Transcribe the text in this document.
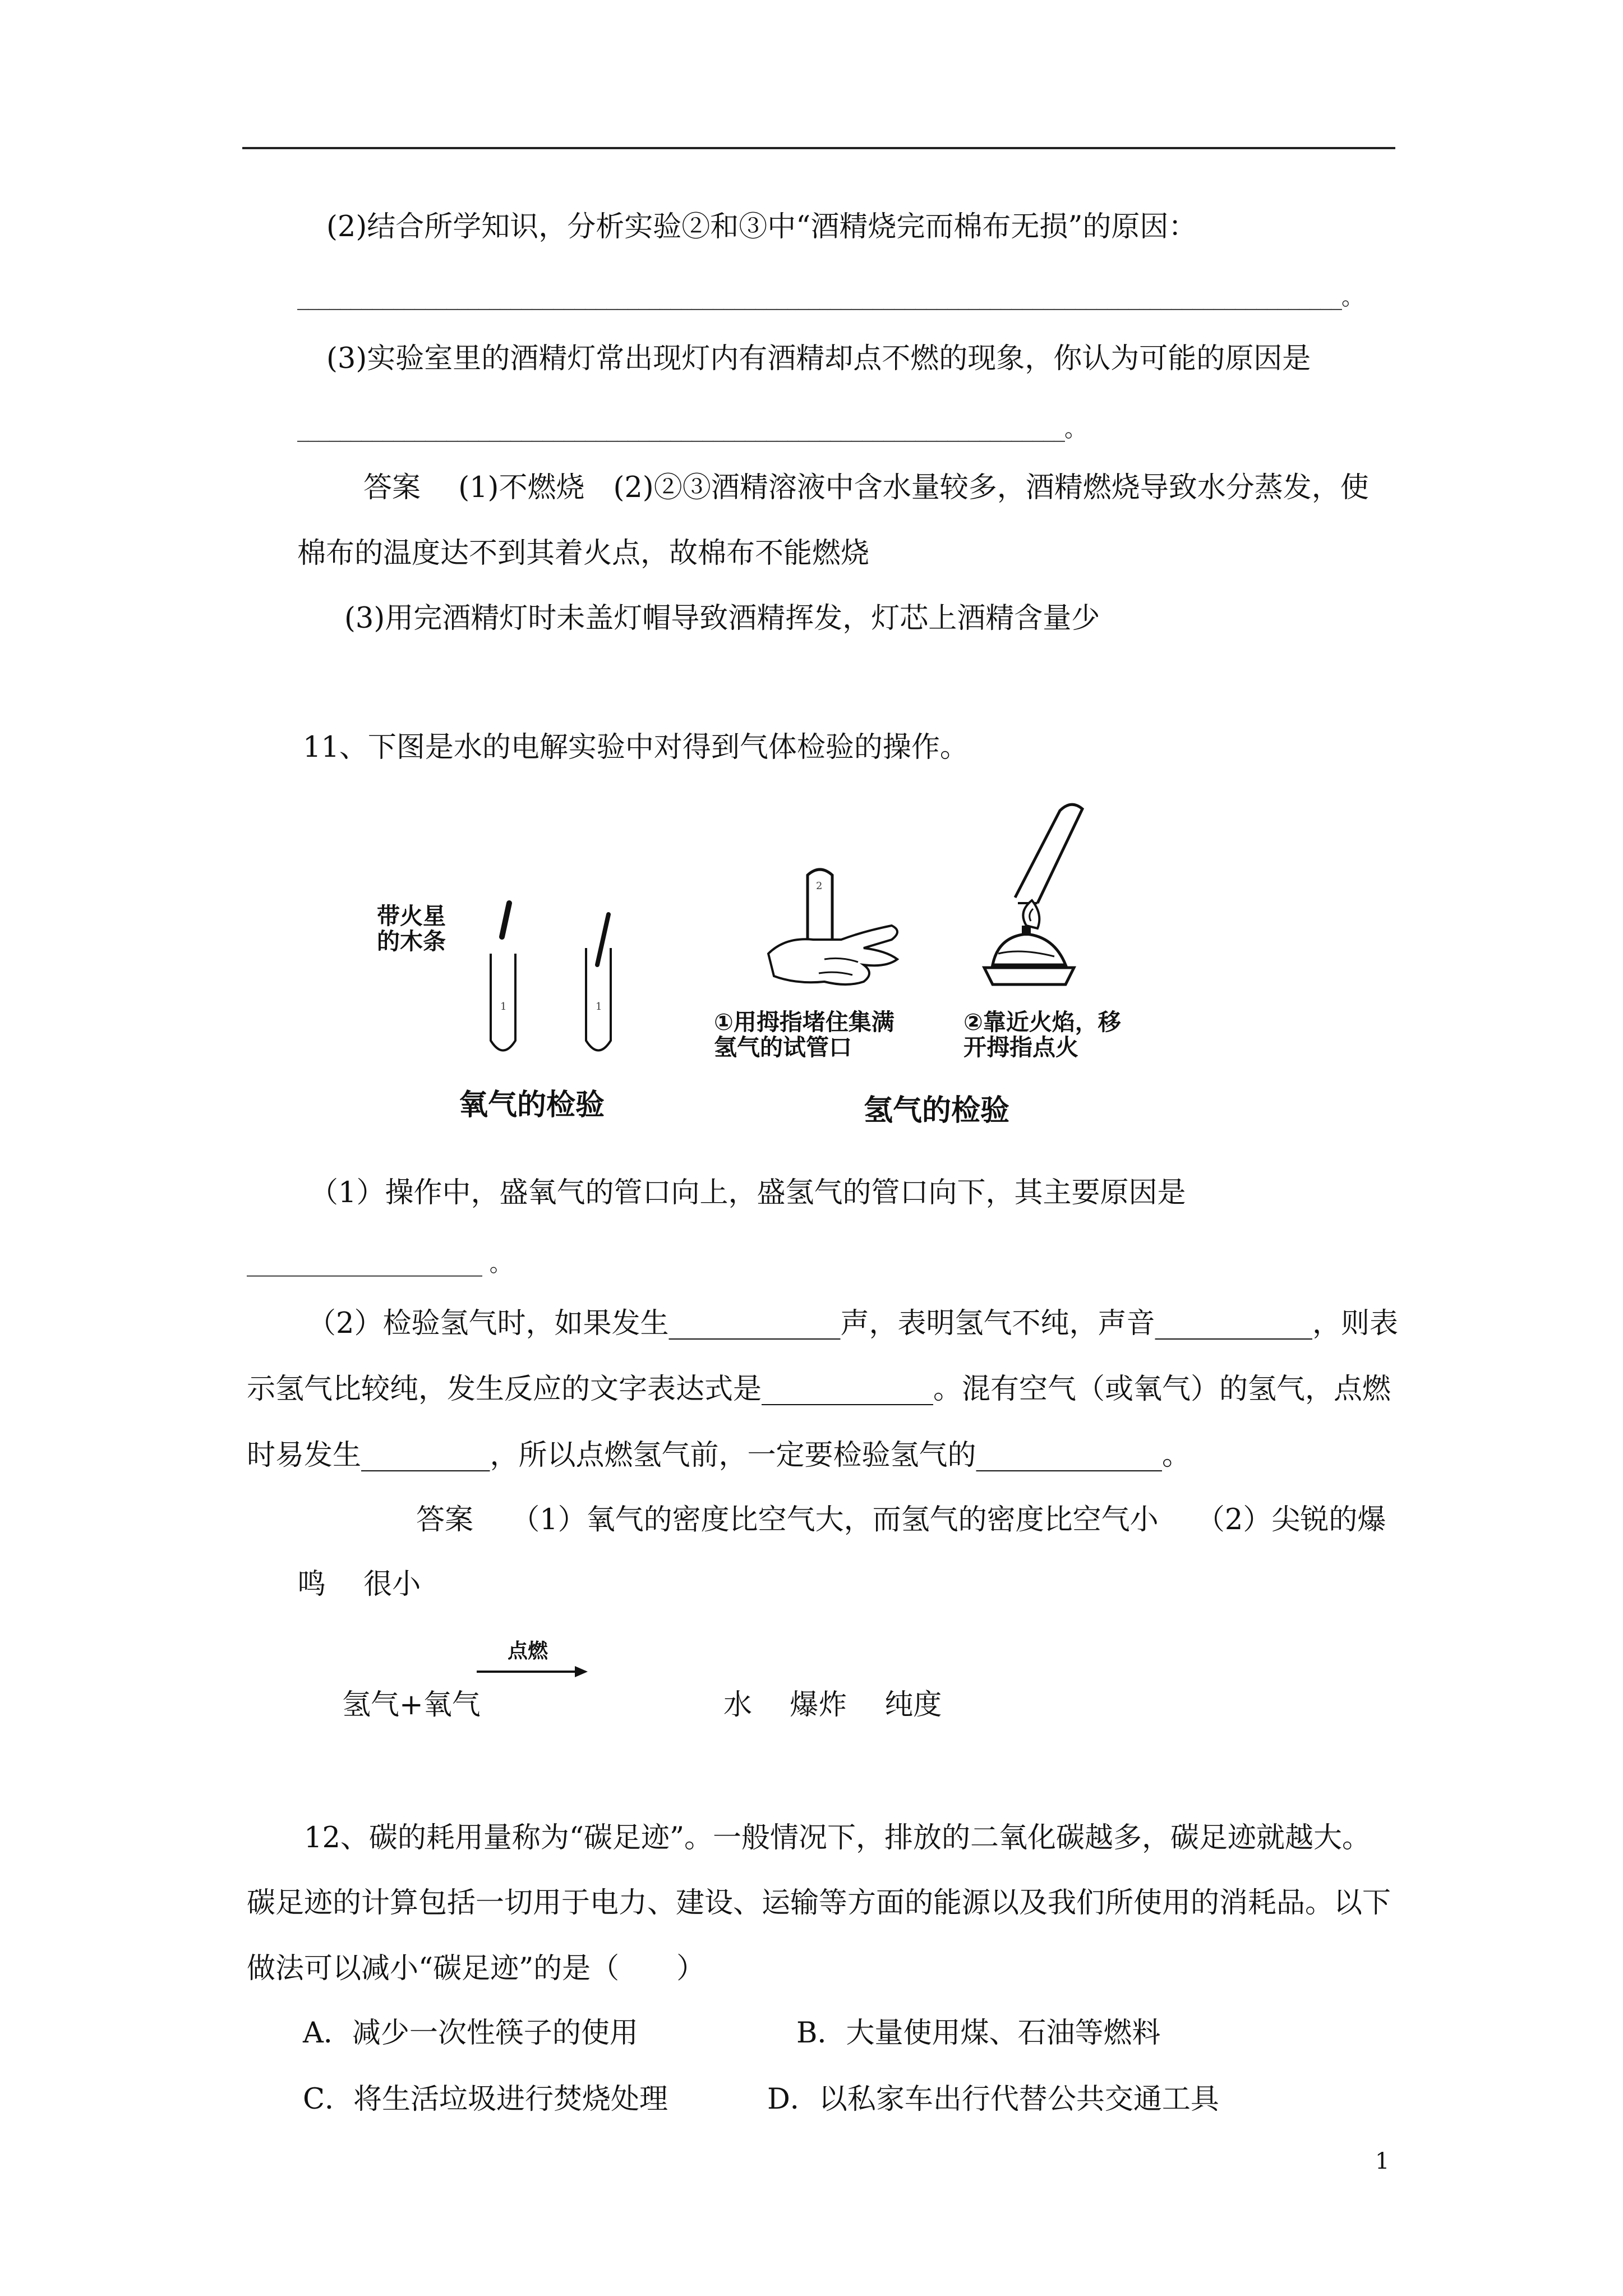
(2)结合所学知识，分析实验②和③中“酒精烧完而棉布无损”的原因：
__________________________________________________________________________________________________。
(3)实验室里的酒精灯常出现灯内有酒精却点不燃的现象，你认为可能的原因是
________________________________________________________________________。
答案　 (1)不燃烧　(2)②③酒精溶液中含水量较多，酒精燃烧导致水分蒸发，使
棉布的温度达不到其着火点，故棉布不能燃烧
(3)用完酒精灯时未盖灯帽导致酒精挥发，灯芯上酒精含量少
11、下图是水的电解实验中对得到气体检验的操作。
带火星
的木条
1	1
氧气的检验
2
①用拇指堵住集满
氢气的试管口
②靠近火焰，移
开拇指点火
氢气的检验
（1）操作中，盛氧气的管口向上，盛氢气的管口向下，其主要原因是
_____________________ 。
（2）检验氢气时，如果发生____________声，表明氢气不纯，声音___________，则表
示氢气比较纯，发生反应的文字表达式是____________。混有空气（或氧气）的氢气，点燃
时易发生_________，所以点燃氢气前，一定要检验氢气的_____________。
答案　 （1）氧气的密度比空气大，而氢气的密度比空气小　 （2）尖锐的爆
鸣　 很小
点燃
氢气+氧气	水　 爆炸　 纯度
12、碳的耗用量称为“碳足迹”。一般情况下，排放的二氧化碳越多，碳足迹就越大。
碳足迹的计算包括一切用于电力、建设、运输等方面的能源以及我们所使用的消耗品。以下
做法可以减小“碳足迹”的是（　　）
A．减少一次性筷子的使用	B．大量使用煤、石油等燃料
C．将生活垃圾进行焚烧处理	D．以私家车出行代替公共交通工具
1
